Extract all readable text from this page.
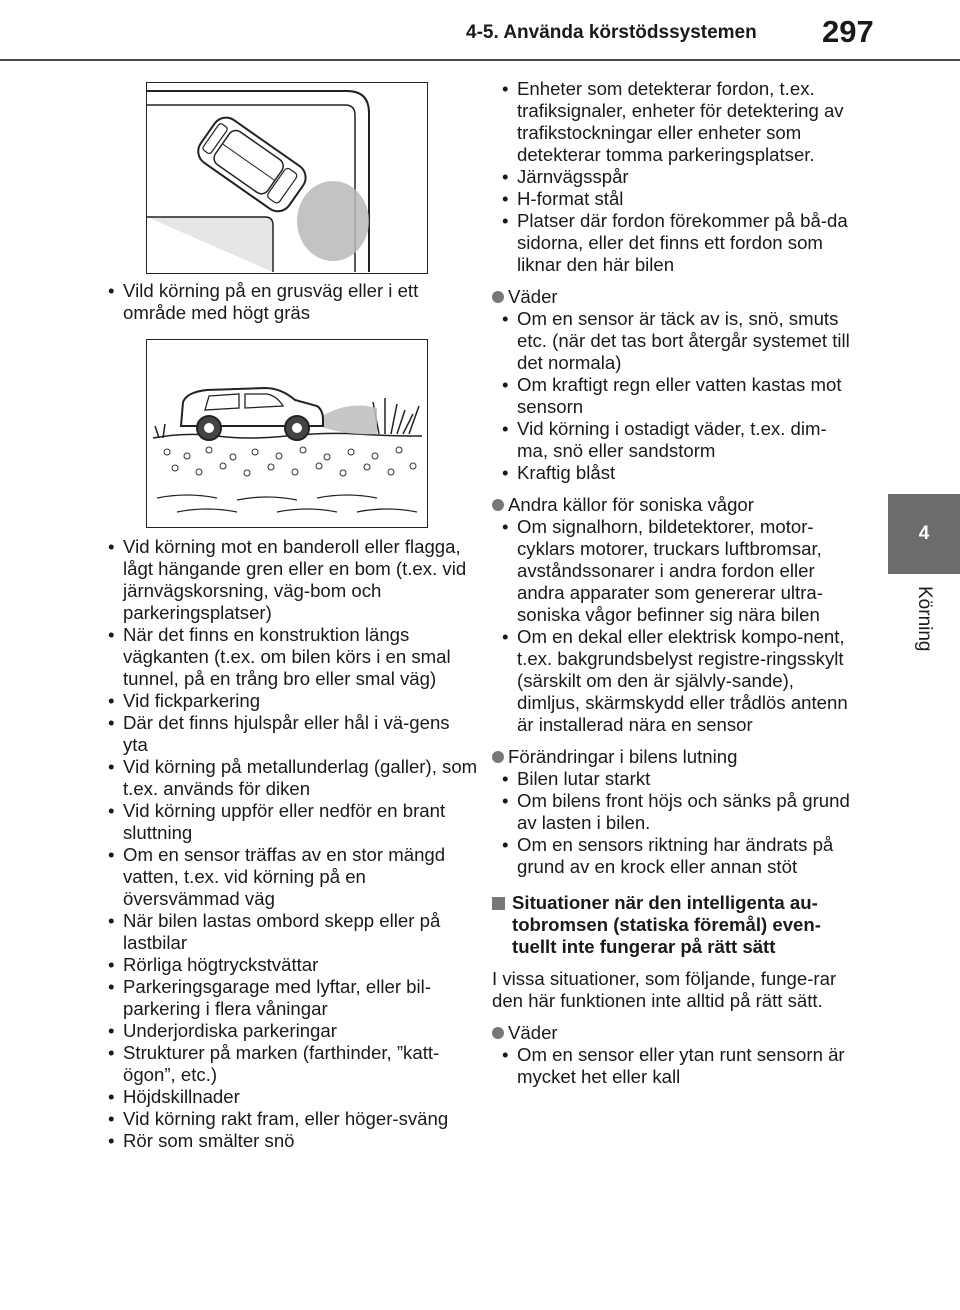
4-5. Använda körstödssystemen 297
4
Körning
• Vild körning på en grusväg eller i ett område med högt gräs
• Vid körning mot en banderoll eller flagga, lågt hängande gren eller en bom (t.ex. vid järnvägskorsning, väg-bom och parkeringsplatser)
• När det finns en konstruktion längs vägkanten (t.ex. om bilen körs i en smal tunnel, på en trång bro eller smal väg)
• Vid fickparkering
• Där det finns hjulspår eller hål i vä-gens yta
• Vid körning på metallunderlag (galler), som t.ex. används för diken
• Vid körning uppför eller nedför en brant sluttning
• Om en sensor träffas av en stor mängd vatten, t.ex. vid körning på en översvämmad väg
• När bilen lastas ombord skepp eller på lastbilar
• Rörliga högtryckstvättar
• Parkeringsgarage med lyftar, eller bil-parkering i flera våningar
• Underjordiska parkeringar
• Strukturer på marken (farthinder, ”katt-ögon”, etc.)
• Höjdskillnader
• Vid körning rakt fram, eller höger-sväng
• Rör som smälter snö
• Enheter som detekterar fordon, t.ex. trafiksignaler, enheter för detektering av trafikstockningar eller enheter som detekterar tomma parkeringsplatser.
• Järnvägsspår
• H-format stål
• Platser där fordon förekommer på bå-da sidorna, eller det finns ett fordon som liknar den här bilen
Väder
• Om en sensor är täck av is, snö, smuts etc. (när det tas bort återgår systemet till det normala)
• Om kraftigt regn eller vatten kastas mot sensorn
• Vid körning i ostadigt väder, t.ex. dim-ma, snö eller sandstorm
• Kraftig blåst
Andra källor för soniska vågor
• Om signalhorn, bildetektorer, motor-cyklars motorer, truckars luftbromsar, avståndssonarer i andra fordon eller andra apparater som genererar ultra-soniska vågor befinner sig nära bilen
• Om en dekal eller elektrisk kompo-nent, t.ex. bakgrundsbelyst registre-ringsskylt (särskilt om den är självly-sande), dimljus, skärmskydd eller trådlös antenn är installerad nära en sensor
Förändringar i bilens lutning
• Bilen lutar starkt
• Om bilens front höjs och sänks på grund av lasten i bilen.
• Om en sensors riktning har ändrats på grund av en krock eller annan stöt
Situationer när den intelligenta au-tobromsen (statiska föremål) even-tuellt inte fungerar på rätt sätt
I vissa situationer, som följande, funge-rar den här funktionen inte alltid på rätt sätt.
Väder
• Om en sensor eller ytan runt sensorn är mycket het eller kall
